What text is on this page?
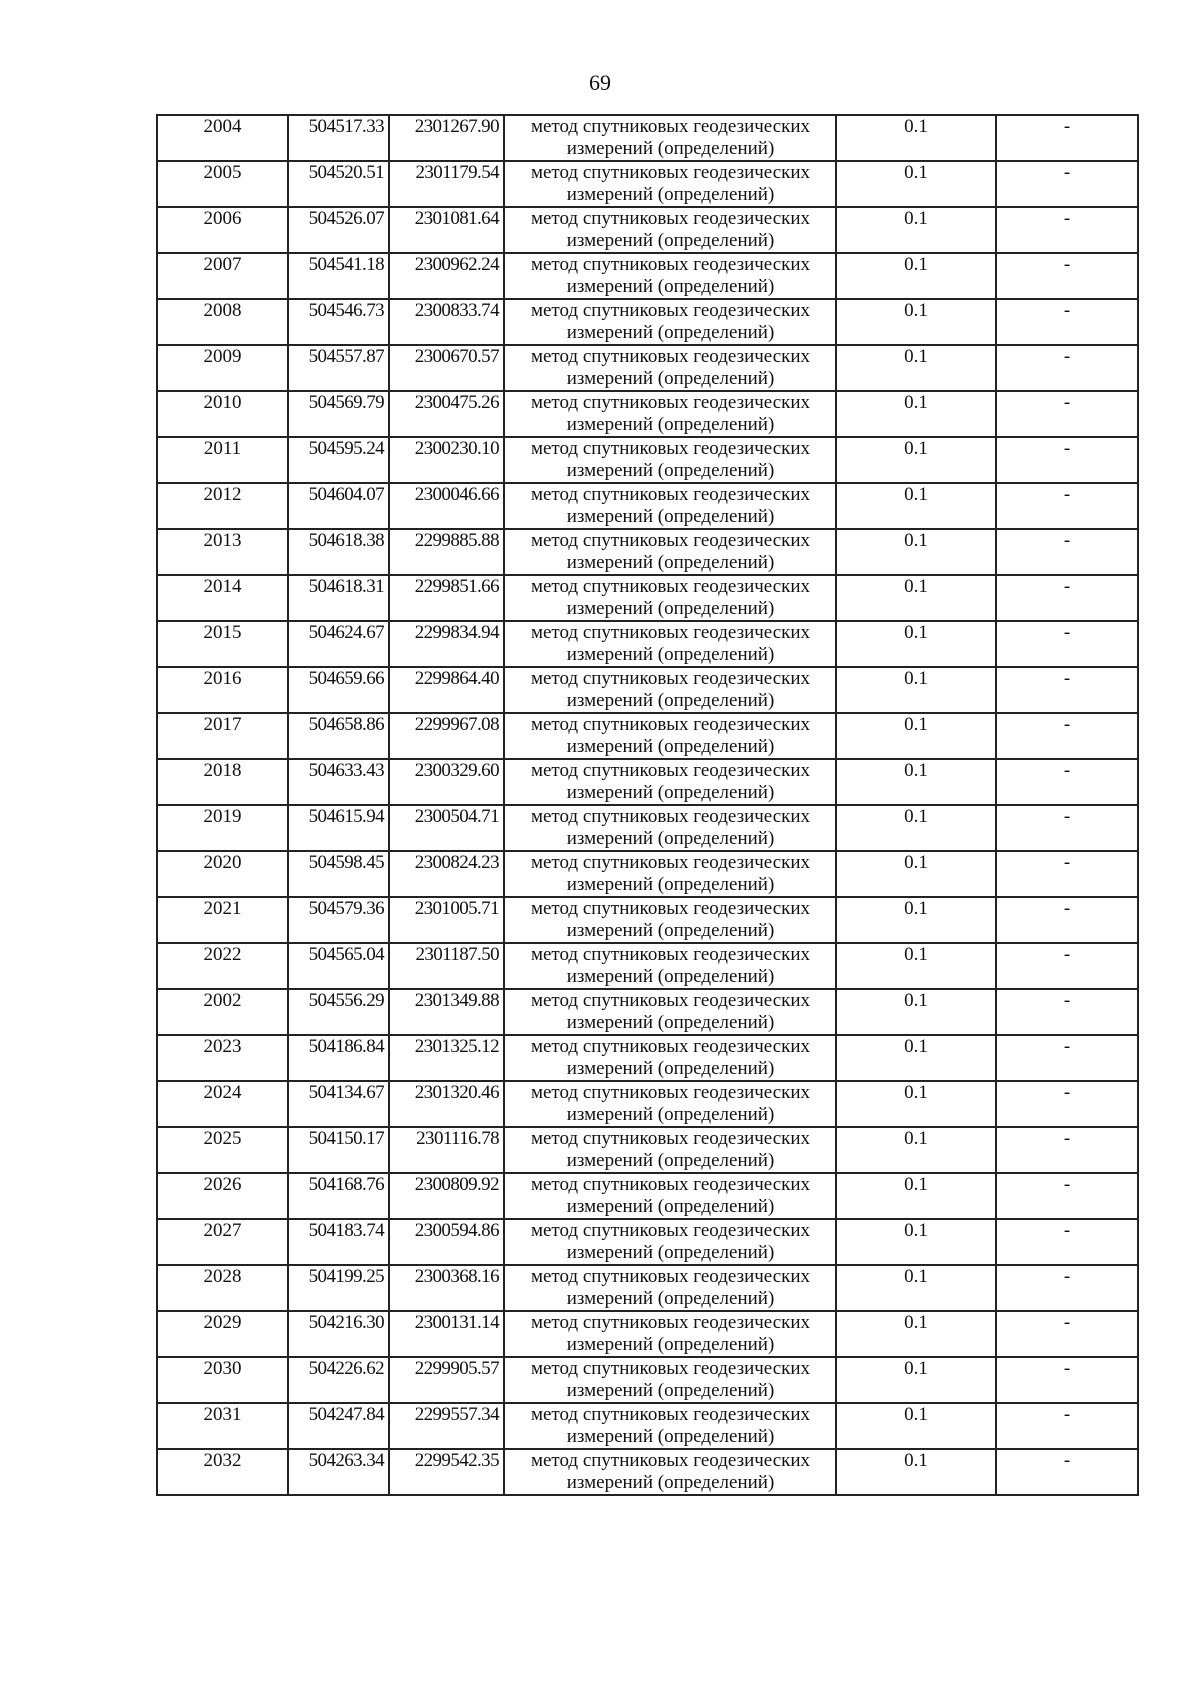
69
2004	504517.33	2301267.90	метод спутниковых геодезических измерений (определений)	0.1	-
2005	504520.51	2301179.54	метод спутниковых геодезических измерений (определений)	0.1	-
2006	504526.07	2301081.64	метод спутниковых геодезических измерений (определений)	0.1	-
2007	504541.18	2300962.24	метод спутниковых геодезических измерений (определений)	0.1	-
2008	504546.73	2300833.74	метод спутниковых геодезических измерений (определений)	0.1	-
2009	504557.87	2300670.57	метод спутниковых геодезических измерений (определений)	0.1	-
2010	504569.79	2300475.26	метод спутниковых геодезических измерений (определений)	0.1	-
2011	504595.24	2300230.10	метод спутниковых геодезических измерений (определений)	0.1	-
2012	504604.07	2300046.66	метод спутниковых геодезических измерений (определений)	0.1	-
2013	504618.38	2299885.88	метод спутниковых геодезических измерений (определений)	0.1	-
2014	504618.31	2299851.66	метод спутниковых геодезических измерений (определений)	0.1	-
2015	504624.67	2299834.94	метод спутниковых геодезических измерений (определений)	0.1	-
2016	504659.66	2299864.40	метод спутниковых геодезических измерений (определений)	0.1	-
2017	504658.86	2299967.08	метод спутниковых геодезических измерений (определений)	0.1	-
2018	504633.43	2300329.60	метод спутниковых геодезических измерений (определений)	0.1	-
2019	504615.94	2300504.71	метод спутниковых геодезических измерений (определений)	0.1	-
2020	504598.45	2300824.23	метод спутниковых геодезических измерений (определений)	0.1	-
2021	504579.36	2301005.71	метод спутниковых геодезических измерений (определений)	0.1	-
2022	504565.04	2301187.50	метод спутниковых геодезических измерений (определений)	0.1	-
2002	504556.29	2301349.88	метод спутниковых геодезических измерений (определений)	0.1	-
2023	504186.84	2301325.12	метод спутниковых геодезических измерений (определений)	0.1	-
2024	504134.67	2301320.46	метод спутниковых геодезических измерений (определений)	0.1	-
2025	504150.17	2301116.78	метод спутниковых геодезических измерений (определений)	0.1	-
2026	504168.76	2300809.92	метод спутниковых геодезических измерений (определений)	0.1	-
2027	504183.74	2300594.86	метод спутниковых геодезических измерений (определений)	0.1	-
2028	504199.25	2300368.16	метод спутниковых геодезических измерений (определений)	0.1	-
2029	504216.30	2300131.14	метод спутниковых геодезических измерений (определений)	0.1	-
2030	504226.62	2299905.57	метод спутниковых геодезических измерений (определений)	0.1	-
2031	504247.84	2299557.34	метод спутниковых геодезических измерений (определений)	0.1	-
2032	504263.34	2299542.35	метод спутниковых геодезических измерений (определений)	0.1	-
